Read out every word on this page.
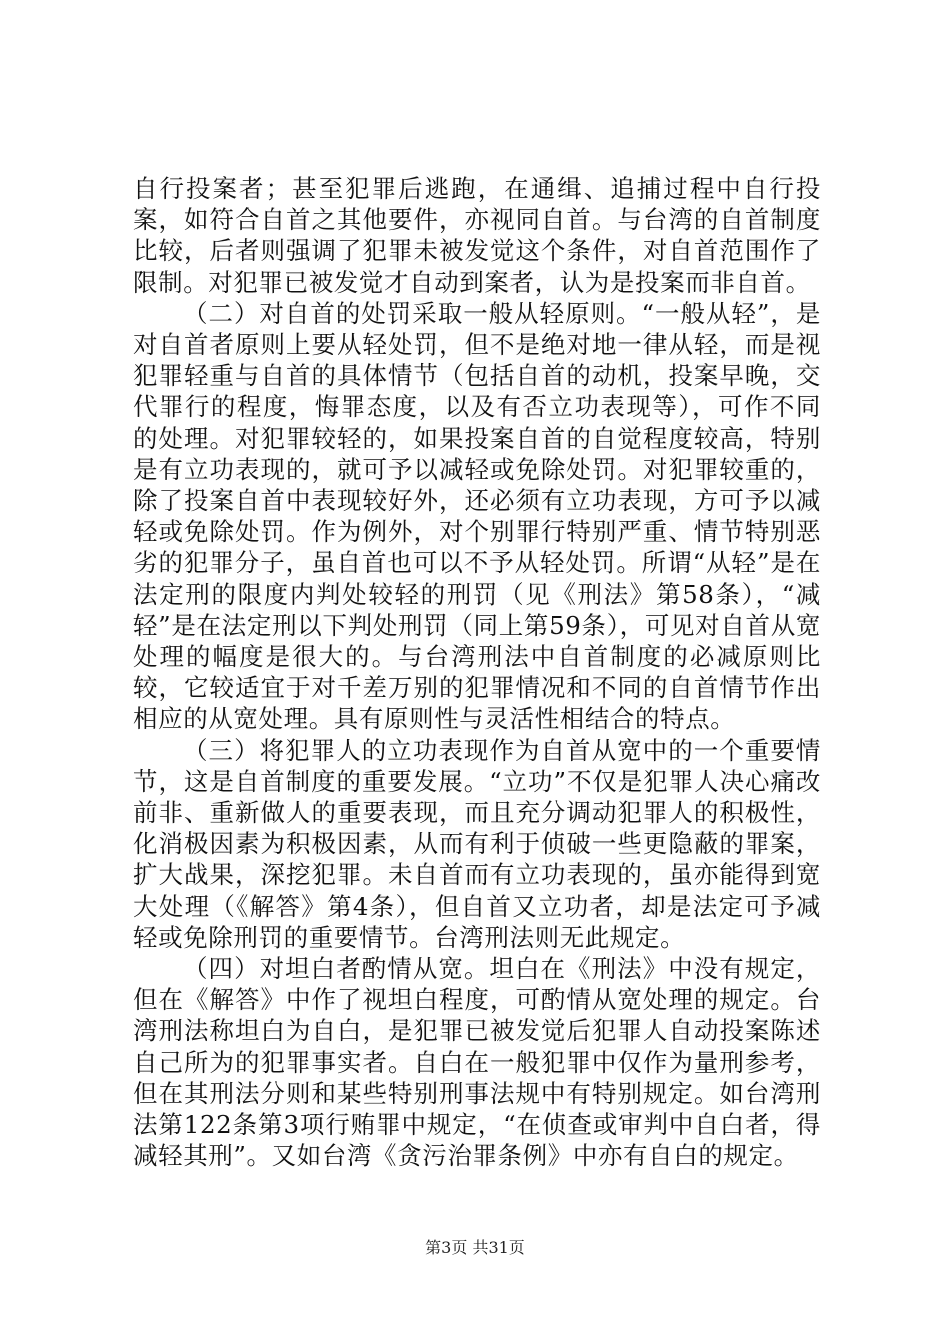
自行投案者；甚至犯罪后逃跑，在通缉、追捕过程中自行投案，如符合自首之其他要件，亦视同自首。与台湾的自首制度比较，后者则强调了犯罪未被发觉这个条件，对自首范围作了限制。对犯罪已被发觉才自动到案者，认为是投案而非自首。

（二）对自首的处罚采取一般从轻原则。“一般从轻”，是对自首者原则上要从轻处罚，但不是绝对地一律从轻，而是视犯罪轻重与自首的具体情节（包括自首的动机，投案早晚，交代罪行的程度，悔罪态度，以及有否立功表现等），可作不同的处理。对犯罪较轻的，如果投案自首的自觉程度较高，特别是有立功表现的，就可予以减轻或免除处罚。对犯罪较重的，除了投案自首中表现较好外，还必须有立功表现，方可予以减轻或免除处罚。作为例外，对个别罪行特别严重、情节特别恶劣的犯罪分子，虽自首也可以不予从轻处罚。所谓“从轻”是在法定刑的限度内判处较轻的刑罚（见《刑法》第58条），“减轻”是在法定刑以下判处刑罚（同上第59条），可见对自首从宽处理的幅度是很大的。与台湾刑法中自首制度的必减原则比较，它较适宜于对千差万别的犯罪情况和不同的自首情节作出相应的从宽处理。具有原则性与灵活性相结合的特点。

（三）将犯罪人的立功表现作为自首从宽中的一个重要情节，这是自首制度的重要发展。“立功”不仅是犯罪人决心痛改前非、重新做人的重要表现，而且充分调动犯罪人的积极性，化消极因素为积极因素，从而有利于侦破一些更隐蔽的罪案，扩大战果，深挖犯罪。未自首而有立功表现的，虽亦能得到宽大处理（《解答》第4条），但自首又立功者，却是法定可予减轻或免除刑罚的重要情节。台湾刑法则无此规定。

（四）对坦白者酌情从宽。坦白在《刑法》中没有规定，但在《解答》中作了视坦白程度，可酌情从宽处理的规定。台湾刑法称坦白为自白，是犯罪已被发觉后犯罪人自动投案陈述自己所为的犯罪事实者。自白在一般犯罪中仅作为量刑参考，但在其刑法分则和某些特别刑事法规中有特别规定。如台湾刑法第122条第3项行贿罪中规定，“在侦查或审判中自白者，得减轻其刑”。又如台湾《贪污治罪条例》中亦有自白的规定。

第3页 共31页
